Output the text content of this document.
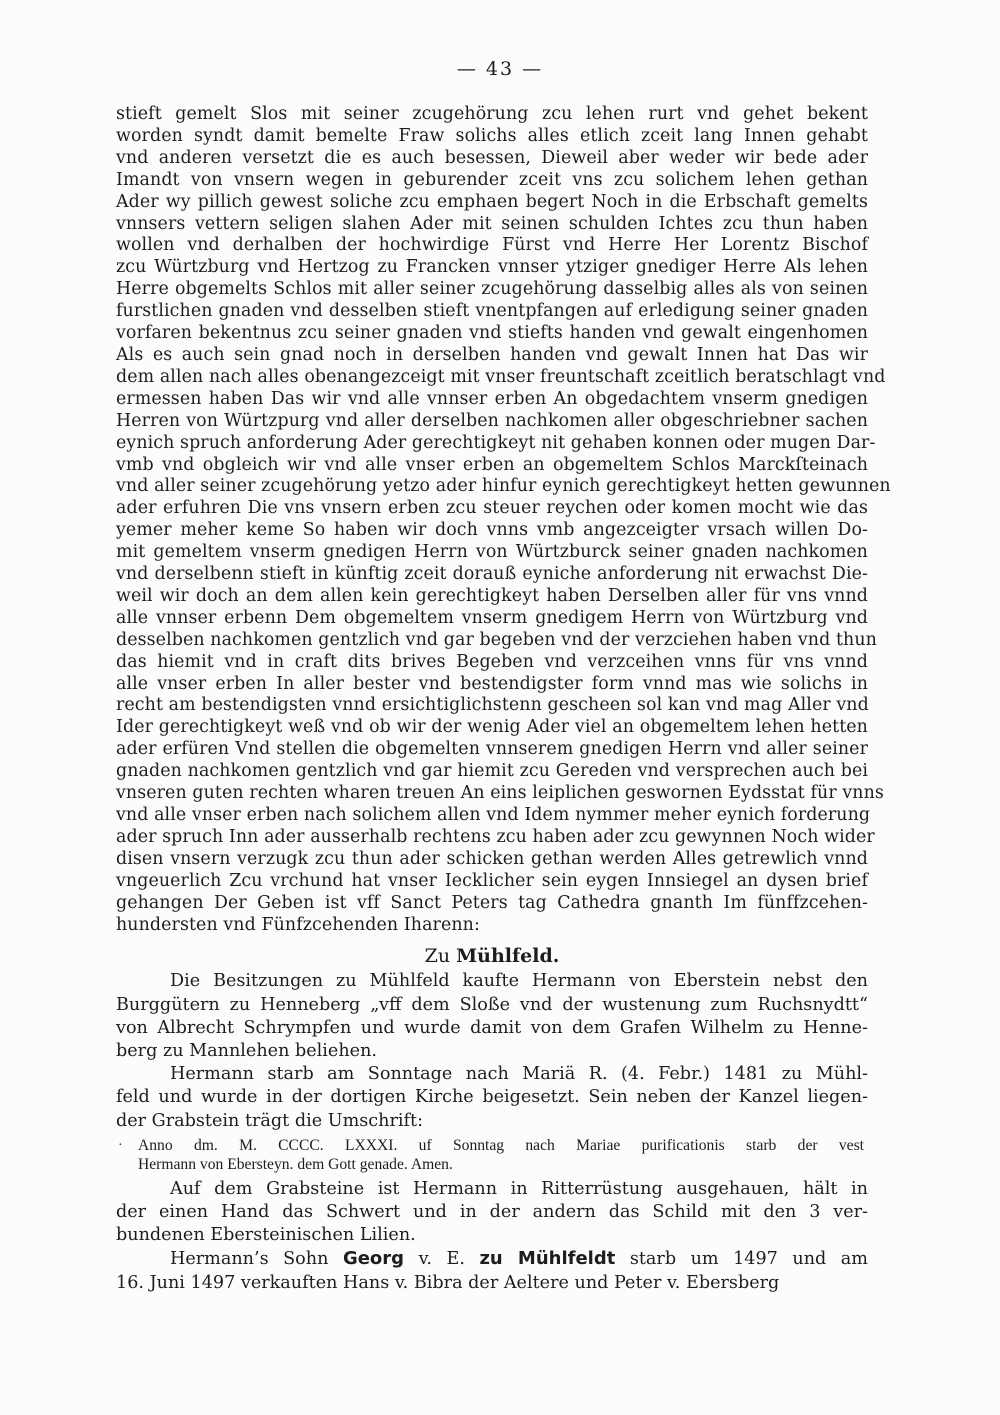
— 43 —
stieft gemelt Slos mit seiner zcugehörung zcu lehen rurt vnd gehet bekent
worden syndt damit bemelte Fraw solichs alles etlich zceit lang Innen gehabt
vnd anderen versetzt die es auch besessen, Dieweil aber weder wir bede ader
Imandt von vnsern wegen in geburender zceit vns zcu solichem lehen gethan
Ader wy pillich gewest soliche zcu emphaen begert Noch in die Erbschaft gemelts
vnnsers vettern seligen slahen Ader mit seinen schulden Ichtes zcu thun haben
wollen vnd derhalben der hochwirdige Fürst vnd Herre Her Lorentz Bischof
zcu Würtzburg vnd Hertzog zu Francken vnnser ytziger gnediger Herre Als lehen
Herre obgemelts Schlos mit aller seiner zcugehörung dasselbig alles als von seinen
furstlichen gnaden vnd desselben stieft vnentpfangen auf erledigung seiner gnaden
vorfaren bekentnus zcu seiner gnaden vnd stiefts handen vnd gewalt eingenhomen
Als es auch sein gnad noch in derselben handen vnd gewalt Innen hat Das wir
dem allen nach alles obenangezceigt mit vnser freuntschaft zceitlich beratschlagt vnd
ermessen haben Das wir vnd alle vnnser erben An obgedachtem vnserm gnedigen
Herren von Würtzpurg vnd aller derselben nachkomen aller obgeschriebner sachen
eynich spruch anforderung Ader gerechtigkeyt nit gehaben konnen oder mugen Dar-
vmb vnd obgleich wir vnd alle vnser erben an obgemeltem Schlos Marckſteinach
vnd aller seiner zcugehörung yetzo ader hinfur eynich gerechtigkeyt hetten gewunnen
ader erfuhren Die vns vnsern erben zcu steuer reychen oder komen mocht wie das
yemer meher keme So haben wir doch vnns vmb angezceigter vrsach willen Do-
mit gemeltem vnserm gnedigen Herrn von Würtzburck seiner gnaden nachkomen
vnd derselbenn stieft in künftig zceit dorauß eyniche anforderung nit erwachst Die-
weil wir doch an dem allen kein gerechtigkeyt haben Derselben aller für vns vnnd
alle vnnser erbenn Dem obgemeltem vnserm gnedigem Herrn von Würtzburg vnd
desselben nachkomen gentzlich vnd gar begeben vnd der verzciehen haben vnd thun
das hiemit vnd in craft dits brives Begeben vnd verzceihen vnns für vns vnnd
alle vnser erben In aller bester vnd bestendigster form vnnd mas wie solichs in
recht am bestendigsten vnnd ersichtiglichstenn gescheen sol kan vnd mag Aller vnd
Ider gerechtigkeyt weß vnd ob wir der wenig Ader viel an obgemeltem lehen hetten
ader erfüren Vnd stellen die obgemelten vnnserem gnedigen Herrn vnd aller seiner
gnaden nachkomen gentzlich vnd gar hiemit zcu Gereden vnd versprechen auch bei
vnseren guten rechten wharen treuen An eins leiplichen geswornen Eydsstat für vnns
vnd alle vnser erben nach solichem allen vnd Idem nymmer meher eynich forderung
ader spruch Inn ader ausserhalb rechtens zcu haben ader zcu gewynnen Noch wider
disen vnsern verzugk zcu thun ader schicken gethan werden Alles getrewlich vnnd
vngeuerlich Zcu vrchund hat vnser Iecklicher sein eygen Innsiegel an dysen brief
gehangen Der Geben ist vff Sanct Peters tag Cathedra gnanth Im fünffzcehen-
hundersten vnd Fünfzcehenden Iharenn:
Zu Mühlfeld.
Die Besitzungen zu Mühlfeld kaufte Hermann von Eberstein nebst den
Burggütern zu Henneberg „vff dem Sloße vnd der wustenung zum Ruchsnydtt“
von Albrecht Schrympfen und wurde damit von dem Grafen Wilhelm zu Henne-
berg zu Mannlehen beliehen.
Hermann starb am Sonntage nach Mariä R. (4. Febr.) 1481 zu Mühl-
feld und wurde in der dortigen Kirche beigesetzt. Sein neben der Kanzel liegen-
der Grabstein trägt die Umschrift:
· Anno dm. M. CCCC. LXXXI. uf Sonntag nach Mariae purificationis starb der vest
Hermann von Ebersteyn. dem Gott genade. Amen.
Auf dem Grabsteine ist Hermann in Ritterrüstung ausgehauen, hält in
der einen Hand das Schwert und in der andern das Schild mit den 3 ver-
bundenen Ebersteinischen Lilien.
Hermann’s Sohn Georg v. E. zu Mühlfeldt starb um 1497 und am
16. Juni 1497 verkauften Hans v. Bibra der Aeltere und Peter v. Ebersberg
